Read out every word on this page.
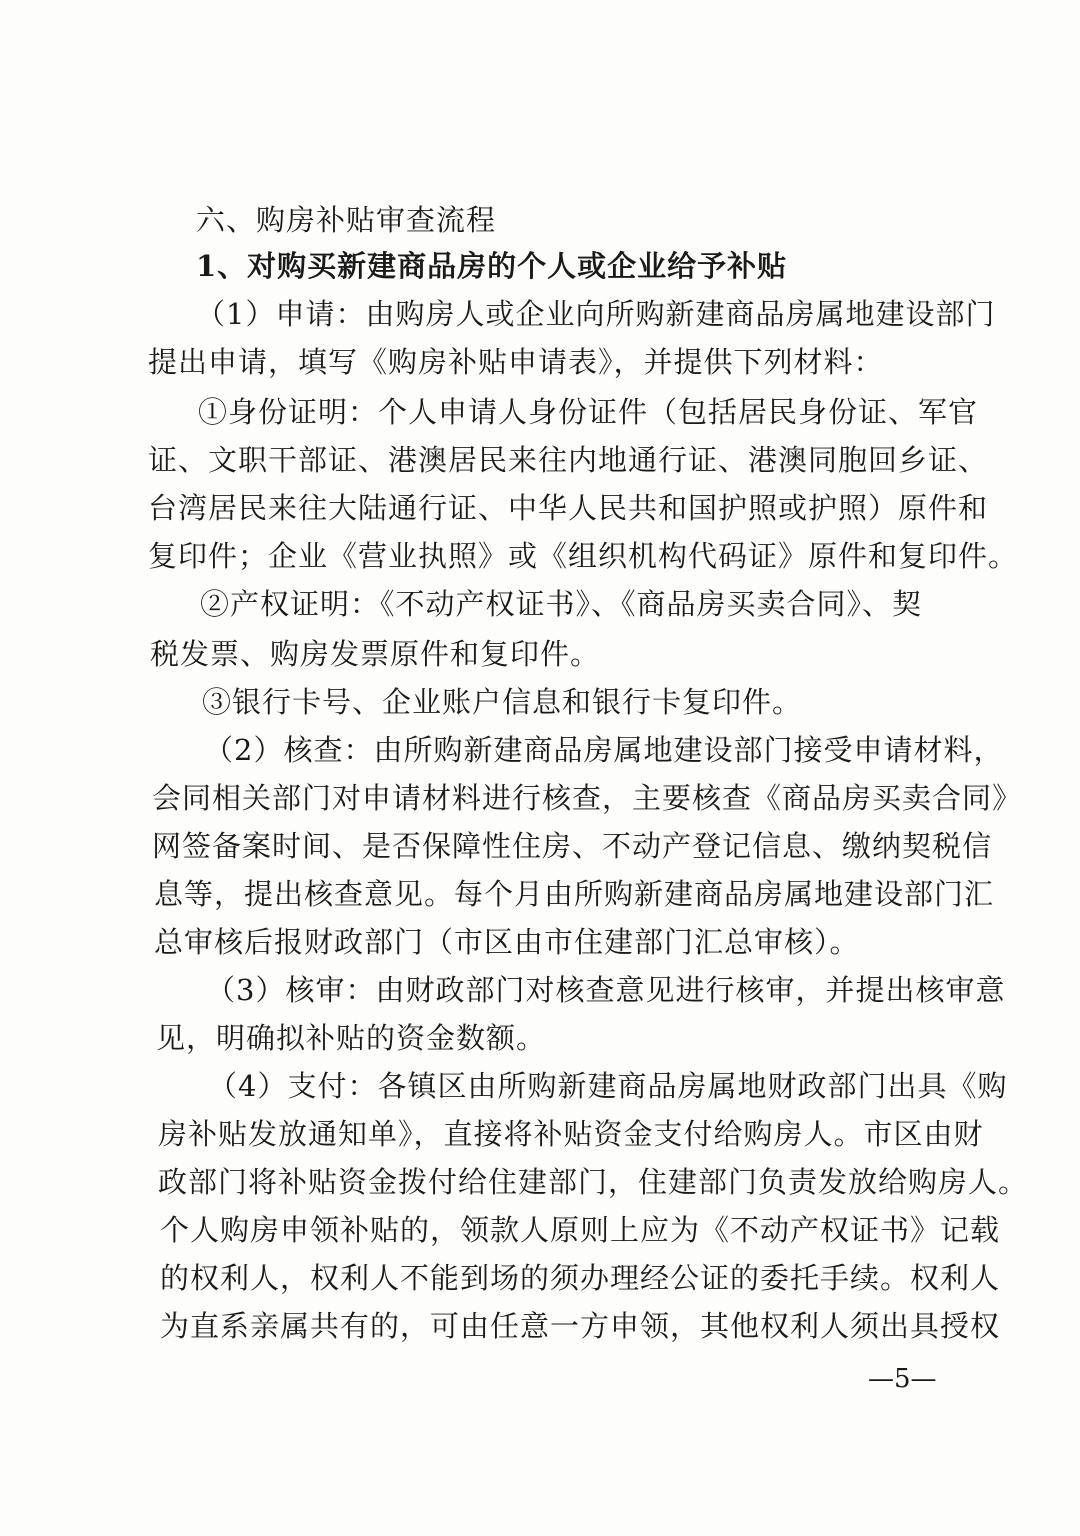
六、购房补贴审查流程
1、对购买新建商品房的个人或企业给予补贴
（1）申请：由购房人或企业向所购新建商品房属地建设部门
提出申请，填写《购房补贴申请表》，并提供下列材料：
①身份证明：个人申请人身份证件（包括居民身份证、军官
证、文职干部证、港澳居民来往内地通行证、港澳同胞回乡证、
台湾居民来往大陆通行证、中华人民共和国护照或护照）原件和
复印件；企业《营业执照》或《组织机构代码证》原件和复印件。
②产权证明：《不动产权证书》、《商品房买卖合同》、契
税发票、购房发票原件和复印件。
③银行卡号、企业账户信息和银行卡复印件。
（2）核查：由所购新建商品房属地建设部门接受申请材料，
会同相关部门对申请材料进行核查，主要核查《商品房买卖合同》
网签备案时间、是否保障性住房、不动产登记信息、缴纳契税信
息等，提出核查意见。每个月由所购新建商品房属地建设部门汇
总审核后报财政部门（市区由市住建部门汇总审核）。
（3）核审：由财政部门对核查意见进行核审，并提出核审意
见，明确拟补贴的资金数额。
（4）支付：各镇区由所购新建商品房属地财政部门出具《购
房补贴发放通知单》，直接将补贴资金支付给购房人。市区由财
政部门将补贴资金拨付给住建部门，住建部门负责发放给购房人。
个人购房申领补贴的，领款人原则上应为《不动产权证书》记载
的权利人，权利人不能到场的须办理经公证的委托手续。权利人
为直系亲属共有的，可由任意一方申领，其他权利人须出具授权
—5—
